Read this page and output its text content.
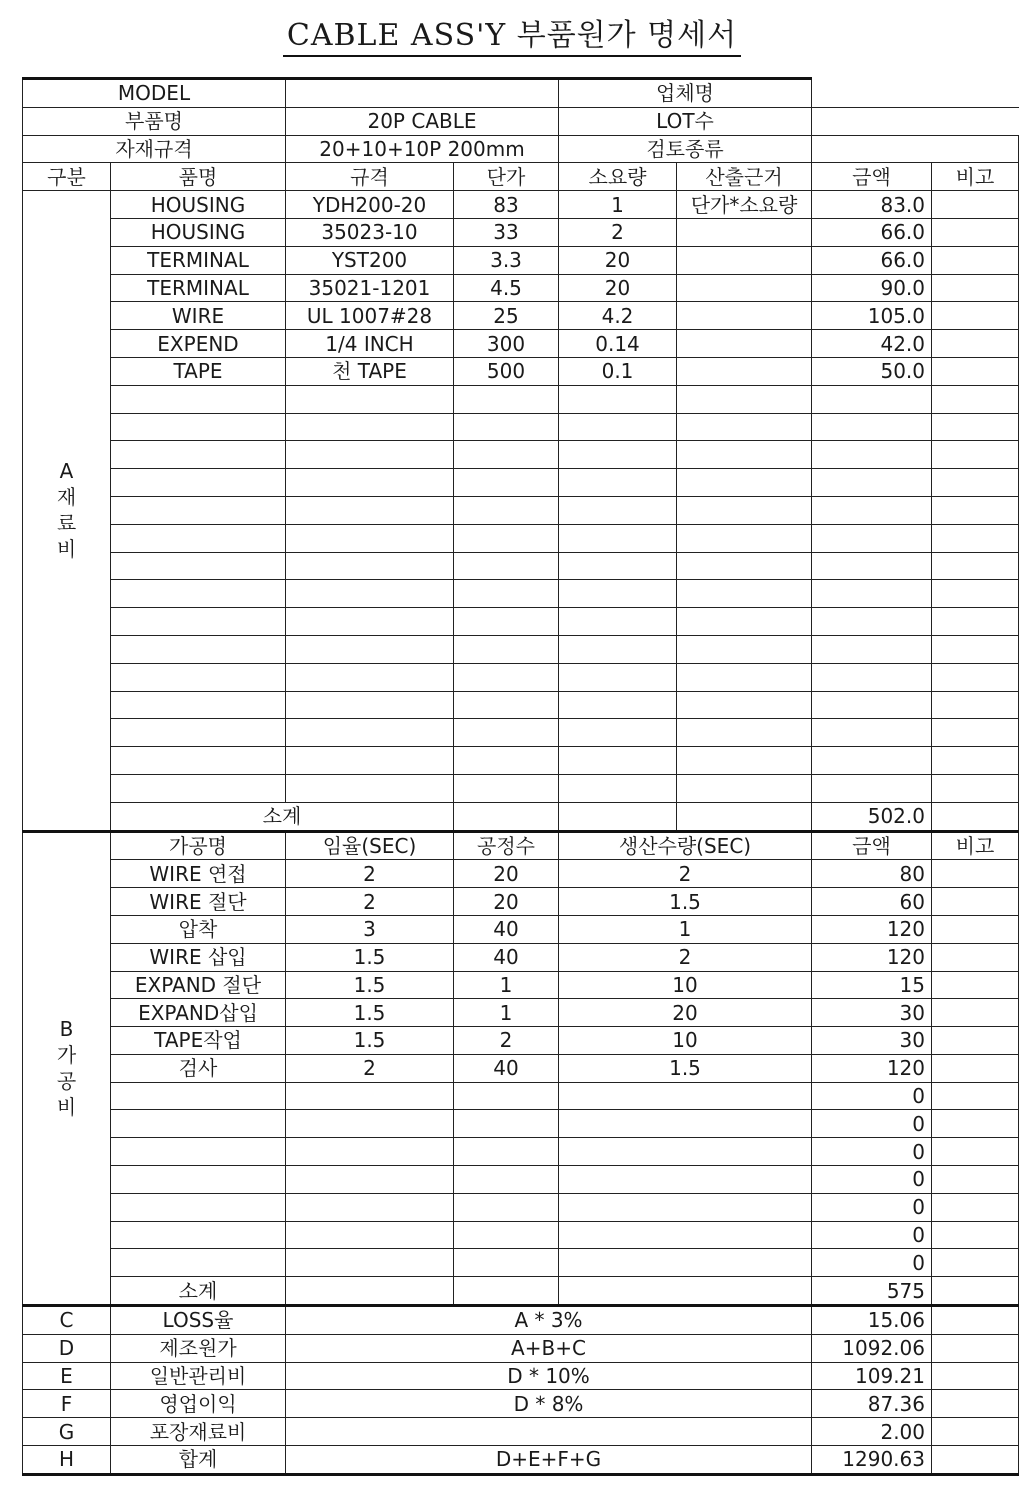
CABLE ASS'Y 부품원가 명세서
MODEL				업체명			
부품명		20P CABLE		LOT수			
자재규격		20+10+10P 200mm		검토종류			
구분	품명	규격	단가	소요량	산출근거	금액	비고

A
재
료
비	HOUSING	YDH200-20	83	1	단가*소요량	83.0	
	HOUSING	35023-10	33	2		66.0	
	TERMINAL	YST200	3.3	20		66.0	
	TERMINAL	35021-1201	4.5	20		90.0	
	WIRE	UL 1007#28	25	4.2		105.0	
	EXPEND	1/4 INCH	300	0.14		42.0	
	TAPE	천 TAPE	500	0.1		50.0	

	소계					502.0	

B
가
공
비	가공명	임율(SEC)	공정수	생산수량(SEC)		금액	비고
	WIRE 연접	2	20	2		80	
	WIRE 절단	2	20	1.5		60	
	압착	3	40	1		120	
	WIRE 삽입	1.5	40	2		120	
	EXPAND 절단	1.5	1	10		15	
	EXPAND삽입	1.5	1	20		30	
	TAPE작업	1.5	2	10		30	
	검사	2	40	1.5		120	
						0	
						0	
						0	
						0	
						0	
						0	
						0	
	소계					575	
C	LOSS율	A * 3%				15.06	
D	제조원가	A+B+C				1092.06	
E	일반관리비	D * 10%				109.21	
F	영업이익	D * 8%				87.36	
G	포장재료비					2.00	
H	합계	D+E+F+G				1290.63	
